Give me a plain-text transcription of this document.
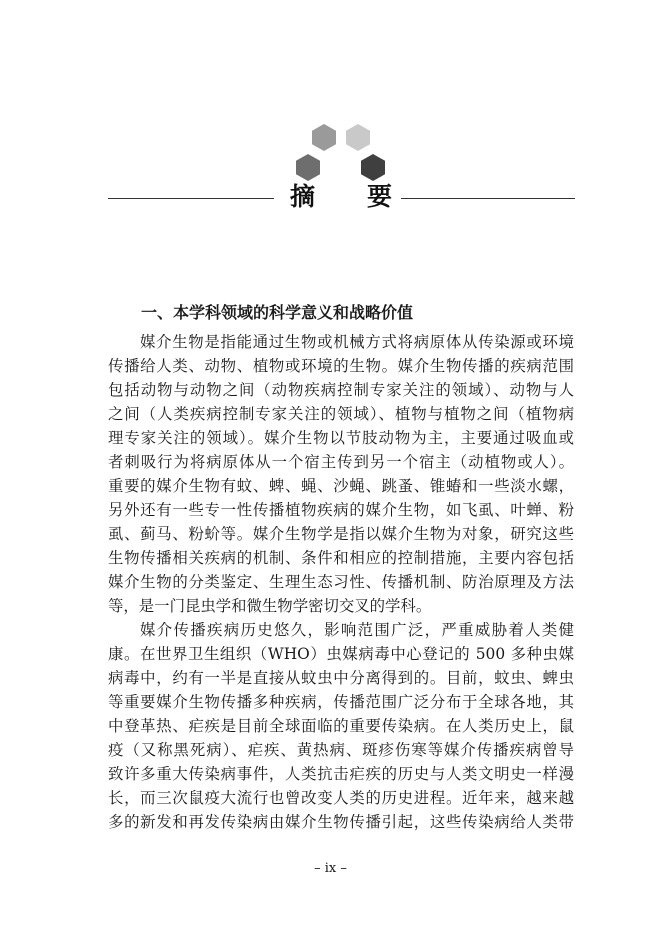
摘 要
一、本学科领域的科学意义和战略价值

媒介生物是指能通过生物或机械方式将病原体从传染源或环境

传播给人类、动物、植物或环境的生物。媒介生物传播的疾病范围

包括动物与动物之间（动物疾病控制专家关注的领域）、动物与人

之间（人类疾病控制专家关注的领域）、植物与植物之间（植物病

理专家关注的领域）。媒介生物以节肢动物为主，主要通过吸血或

者刺吸行为将病原体从一个宿主传到另一个宿主（动植物或人）。

重要的媒介生物有蚊、蜱、蝇、沙蝇、跳蚤、锥蝽和一些淡水螺，

另外还有一些专一性传播植物疾病的媒介生物，如飞虱、叶蝉、粉

虱、蓟马、粉蚧等。媒介生物学是指以媒介生物为对象，研究这些

生物传播相关疾病的机制、条件和相应的控制措施，主要内容包括

媒介生物的分类鉴定、生理生态习性、传播机制、防治原理及方法

等，是一门昆虫学和微生物学密切交叉的学科。

媒介传播疾病历史悠久，影响范围广泛，严重威胁着人类健

康。在世界卫生组织（WHO）虫媒病毒中心登记的 500 多种虫媒

病毒中，约有一半是直接从蚊虫中分离得到的。目前，蚊虫、蜱虫

等重要媒介生物传播多种疾病，传播范围广泛分布于全球各地，其

中登革热、疟疾是目前全球面临的重要传染病。在人类历史上，鼠

疫（又称黑死病）、疟疾、黄热病、斑疹伤寒等媒介传播疾病曾导

致许多重大传染病事件，人类抗击疟疾的历史与人类文明史一样漫

长，而三次鼠疫大流行也曾改变人类的历史进程。近年来，越来越

多的新发和再发传染病由媒介生物传播引起，这些传染病给人类带

– ix –
